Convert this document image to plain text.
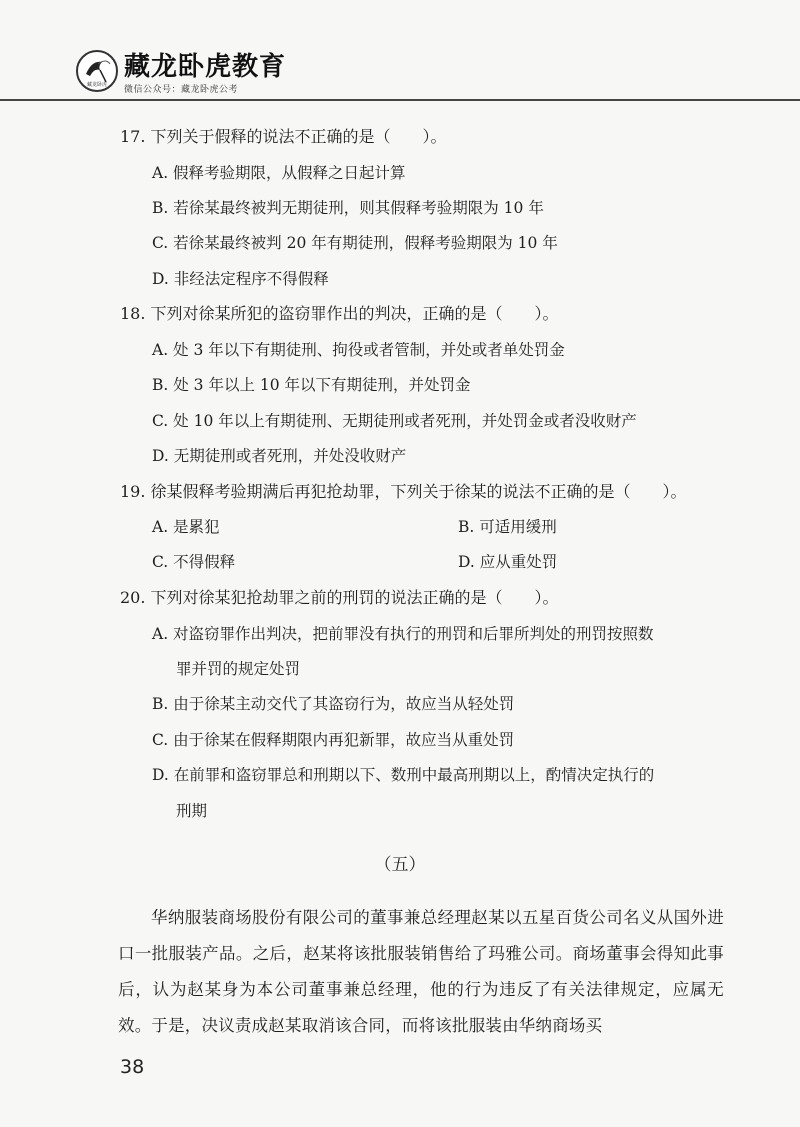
藏龙卧虎
藏龙卧虎教育
微信公众号：藏龙卧虎公考
17. 下列关于假释的说法不正确的是（　　）。
A. 假释考验期限，从假释之日起计算
B. 若徐某最终被判无期徒刑，则其假释考验期限为 10 年
C. 若徐某最终被判 20 年有期徒刑，假释考验期限为 10 年
D. 非经法定程序不得假释
18. 下列对徐某所犯的盗窃罪作出的判决，正确的是（　　）。
A. 处 3 年以下有期徒刑、拘役或者管制，并处或者单处罚金
B. 处 3 年以上 10 年以下有期徒刑，并处罚金
C. 处 10 年以上有期徒刑、无期徒刑或者死刑，并处罚金或者没收财产
D. 无期徒刑或者死刑，并处没收财产
19. 徐某假释考验期满后再犯抢劫罪，下列关于徐某的说法不正确的是（　　）。
A. 是累犯	B. 可适用缓刑
C. 不得假释	D. 应从重处罚
20. 下列对徐某犯抢劫罪之前的刑罚的说法正确的是（　　）。
A. 对盗窃罪作出判决，把前罪没有执行的刑罚和后罪所判处的刑罚按照数
罪并罚的规定处罚
B. 由于徐某主动交代了其盗窃行为，故应当从轻处罚
C. 由于徐某在假释期限内再犯新罪，故应当从重处罚
D. 在前罪和盗窃罪总和刑期以下、数刑中最高刑期以上，酌情决定执行的
刑期
（五）
华纳服装商场股份有限公司的董事兼总经理赵某以五星百货公司名义从国外进口一批服装产品。之后，赵某将该批服装销售给了玛雅公司。商场董事会得知此事后，认为赵某身为本公司董事兼总经理，他的行为违反了有关法律规定，应属无效。于是，决议责成赵某取消该合同，而将该批服装由华纳商场买
38
